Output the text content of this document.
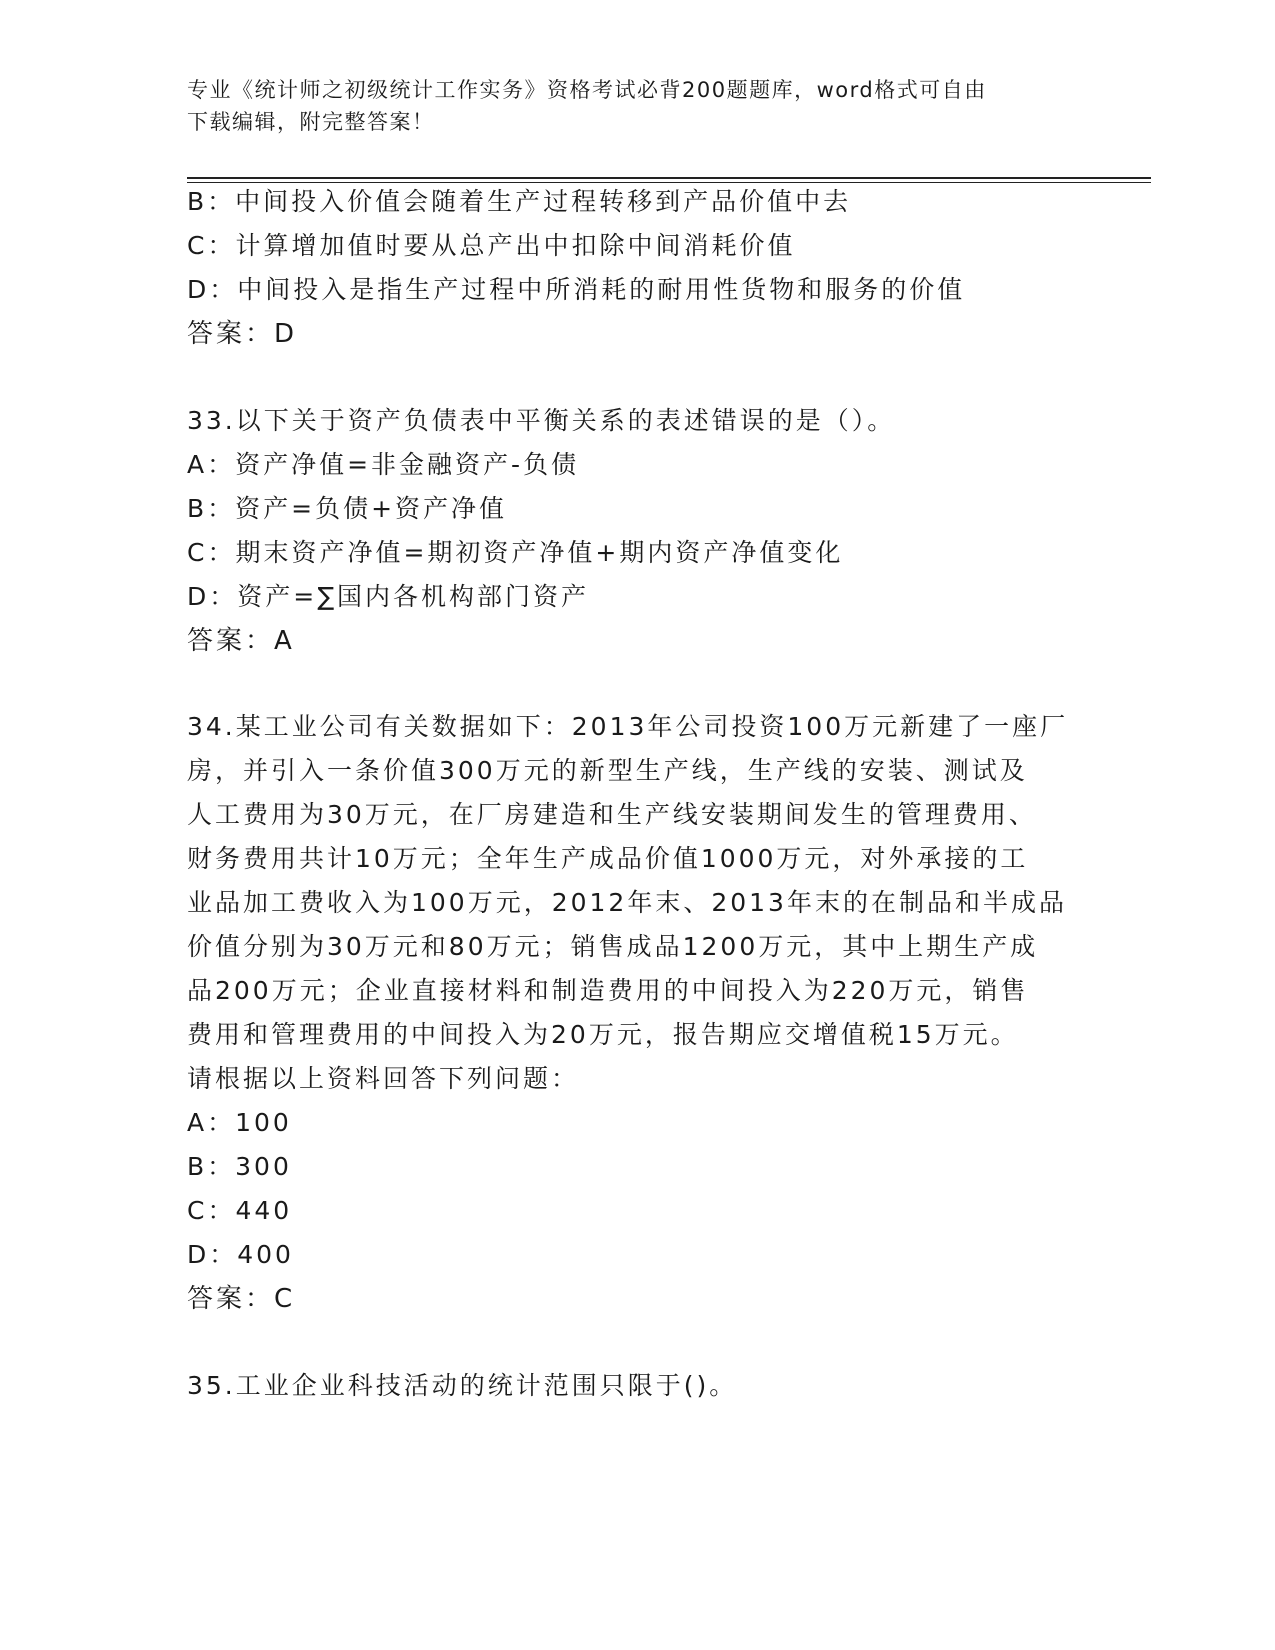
专业《统计师之初级统计工作实务》资格考试必背200题题库，word格式可自由
下载编辑，附完整答案！
B：中间投入价值会随着生产过程转移到产品价值中去
C：计算增加值时要从总产出中扣除中间消耗价值
D：中间投入是指生产过程中所消耗的耐用性货物和服务的价值
答案：D
33.以下关于资产负债表中平衡关系的表述错误的是（）。
A：资产净值=非金融资产-负债
B：资产=负债+资产净值
C：期末资产净值=期初资产净值+期内资产净值变化
D：资产=∑国内各机构部门资产
答案：A
34.某工业公司有关数据如下：2013年公司投资100万元新建了一座厂
房，并引入一条价值300万元的新型生产线，生产线的安装、测试及
人工费用为30万元，在厂房建造和生产线安装期间发生的管理费用、
财务费用共计10万元；全年生产成品价值1000万元，对外承接的工
业品加工费收入为100万元，2012年末、2013年末的在制品和半成品
价值分别为30万元和80万元；销售成品1200万元，其中上期生产成
品200万元；企业直接材料和制造费用的中间投入为220万元，销售
费用和管理费用的中间投入为20万元，报告期应交增值税15万元。
请根据以上资料回答下列问题：
A：100
B：300
C：440
D：400
答案：C
35.工业企业科技活动的统计范围只限于()。
